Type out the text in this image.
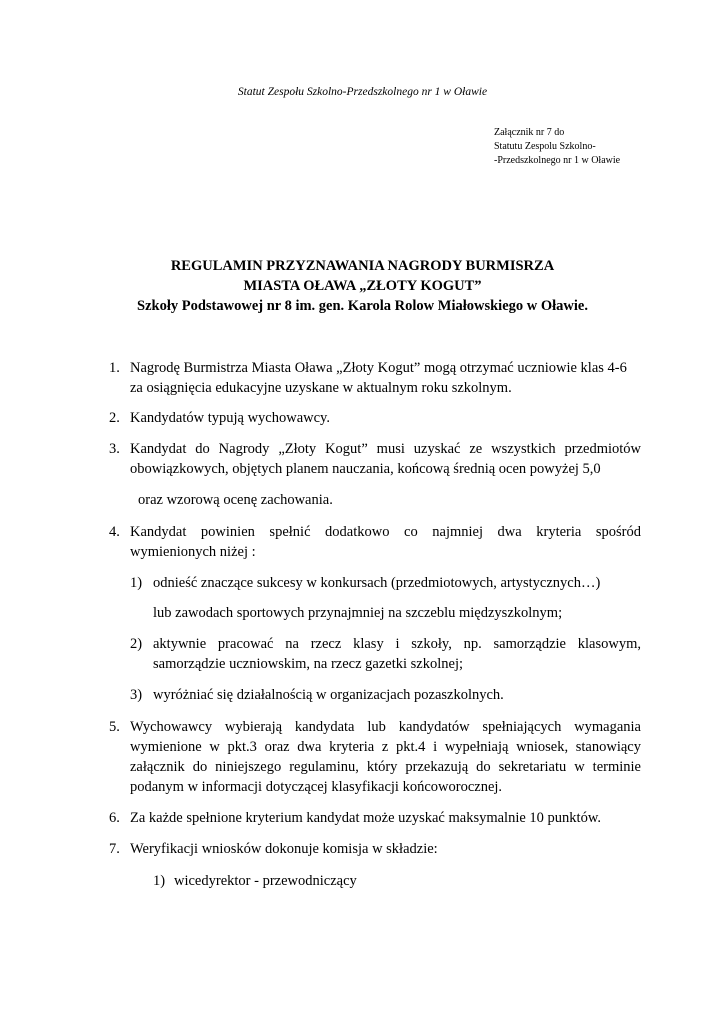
Statut Zespołu Szkolno-Przedszkolnego nr 1 w Oławie
Załącznik nr 7 do
Statutu Zespolu Szkolno-
-Przedszkolnego nr 1 w Oławie
REGULAMIN PRZYZNAWANIA NAGRODY BURMISRZA
MIASTA OŁAWA „ZŁOTY KOGUT”
Szkoły Podstawowej nr 8 im. gen. Karola Rolow Miałowskiego w Oławie.
1. Nagrodę Burmistrza Miasta Oława „Złoty Kogut” mogą otrzymać uczniowie klas 4-6
za osiągnięcia edukacyjne uzyskane w aktualnym roku szkolnym.
2. Kandydatów typują wychowawcy.
3. Kandydat do Nagrody „Złoty Kogut” musi uzyskać ze wszystkich przedmiotów
obowiązkowych, objętych planem nauczania, końcową średnią ocen powyżej 5,0
oraz wzorową ocenę zachowania.
4. Kandydat powinien spełnić dodatkowo co najmniej dwa kryteria spośród
wymienionych niżej :
1) odnieść znaczące sukcesy w konkursach (przedmiotowych, artystycznych…)
lub zawodach sportowych przynajmniej na szczeblu międzyszkolnym;
2) aktywnie pracować na rzecz klasy i szkoły, np. samorządzie klasowym,
samorządzie uczniowskim, na rzecz gazetki szkolnej;
3) wyróżniać się działalnością w organizacjach pozaszkolnych.
5. Wychowawcy wybierają kandydata lub kandydatów spełniających wymagania
wymienione w pkt.3 oraz dwa kryteria z pkt.4 i wypełniają wniosek, stanowiący
załącznik do niniejszego regulaminu, który przekazują do sekretariatu w terminie
podanym w informacji dotyczącej klasyfikacji końcoworocznej.
6. Za każde spełnione kryterium kandydat może uzyskać maksymalnie 10 punktów.
7. Weryfikacji wniosków dokonuje komisja w składzie:
1) wicedyrektor - przewodniczący
